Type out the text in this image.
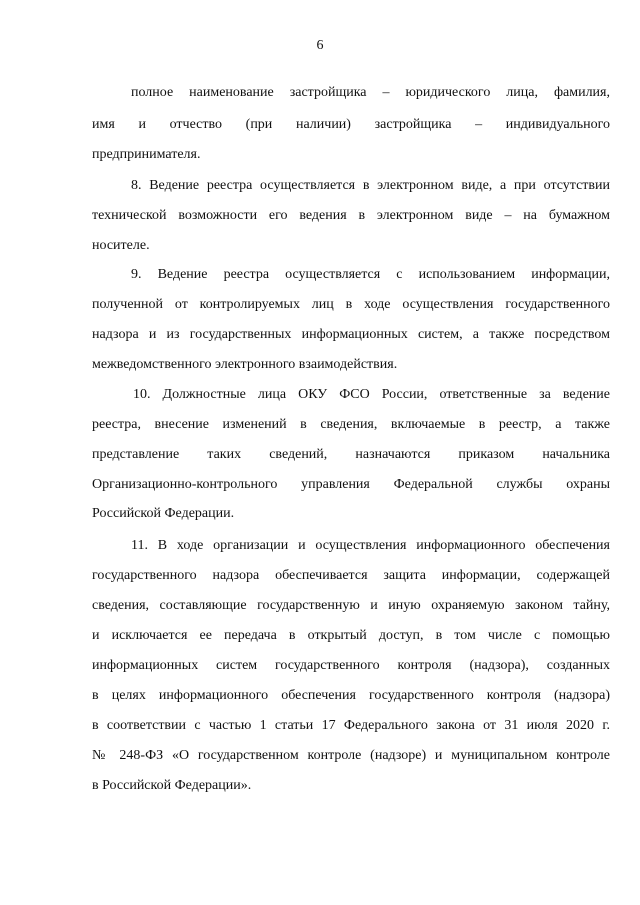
6
полное наименование застройщика – юридического лица, фамилия,
имя и отчество (при наличии) застройщика – индивидуального
предпринимателя.
8. Ведение реестра осуществляется в электронном виде, а при отсутствии
технической возможности его ведения в электронном виде – на бумажном
носителе.
9. Ведение реестра осуществляется с использованием информации,
полученной от контролируемых лиц в ходе осуществления государственного
надзора и из государственных информационных систем, а также посредством
межведомственного электронного взаимодействия.
10. Должностные лица ОКУ ФСО России, ответственные за ведение
реестра, внесение изменений в сведения, включаемые в реестр, а также
представление таких сведений, назначаются приказом начальника
Организационно-контрольного управления Федеральной службы охраны
Российской Федерации.
11. В ходе организации и осуществления информационного обеспечения
государственного надзора обеспечивается защита информации, содержащей
сведения, составляющие государственную и иную охраняемую законом тайну,
и исключается ее передача в открытый доступ, в том числе с помощью
информационных систем государственного контроля (надзора), созданных
в целях информационного обеспечения государственного контроля (надзора)
в соответствии с частью 1 статьи 17 Федерального закона от 31 июля 2020 г.
№ 248-ФЗ «О государственном контроле (надзоре) и муниципальном контроле
в Российской Федерации».
